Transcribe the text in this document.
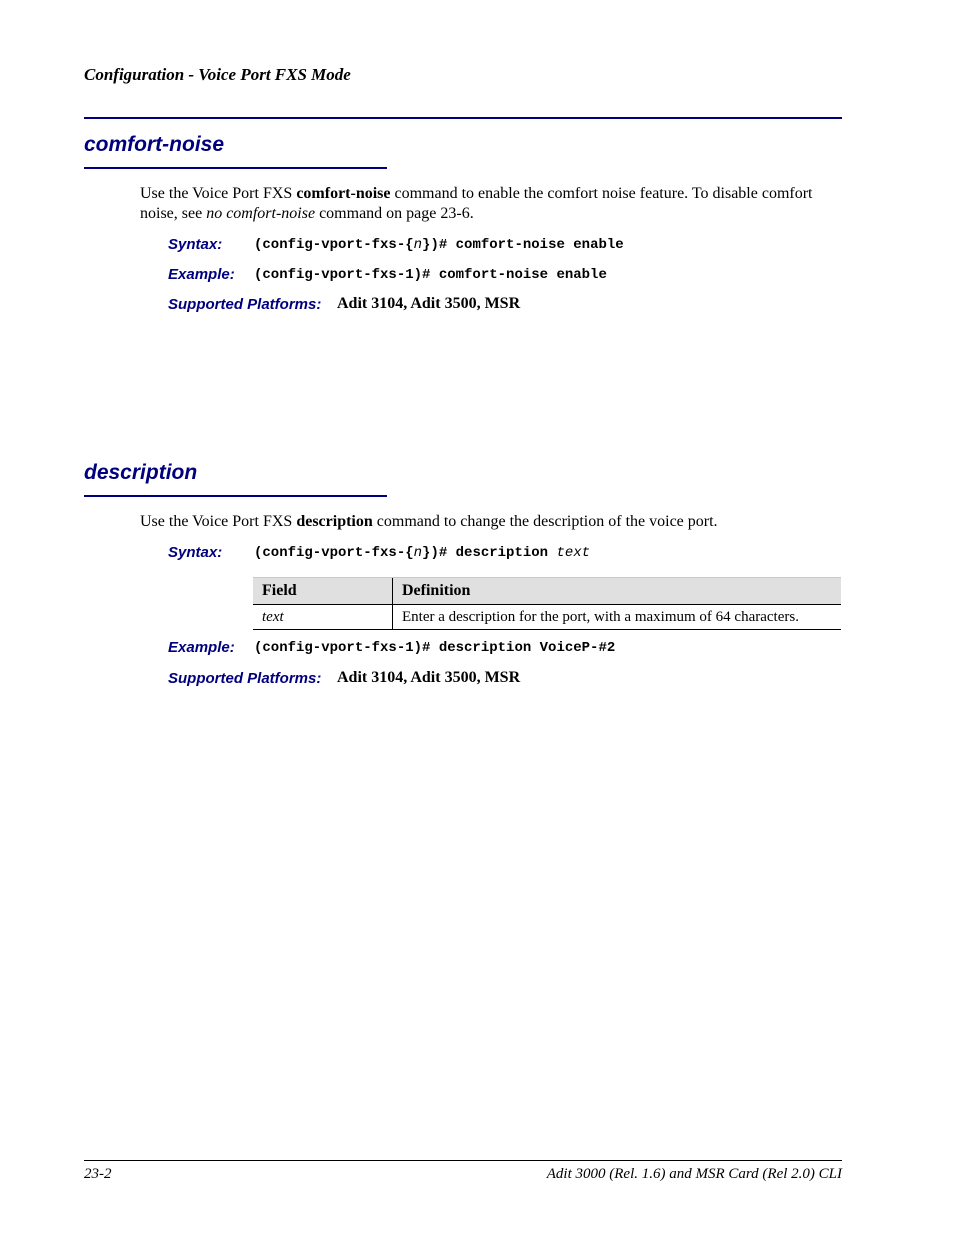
Configuration - Voice Port FXS Mode
comfort-noise
Use the Voice Port FXS comfort-noise command to enable the comfort noise feature. To disable comfort noise, see no comfort-noise command on page 23-6.
Syntax: (config-vport-fxs-{n})# comfort-noise enable
Example: (config-vport-fxs-1)# comfort-noise enable
Supported Platforms: Adit 3104, Adit 3500, MSR
description
Use the Voice Port FXS description command to change the description of the voice port.
Syntax: (config-vport-fxs-{n})# description text
Field	Definition
text	Enter a description for the port, with a maximum of 64 characters.
Example: (config-vport-fxs-1)# description VoiceP-#2
Supported Platforms: Adit 3104, Adit 3500, MSR
23-2	Adit 3000 (Rel. 1.6) and MSR Card (Rel 2.0) CLI
